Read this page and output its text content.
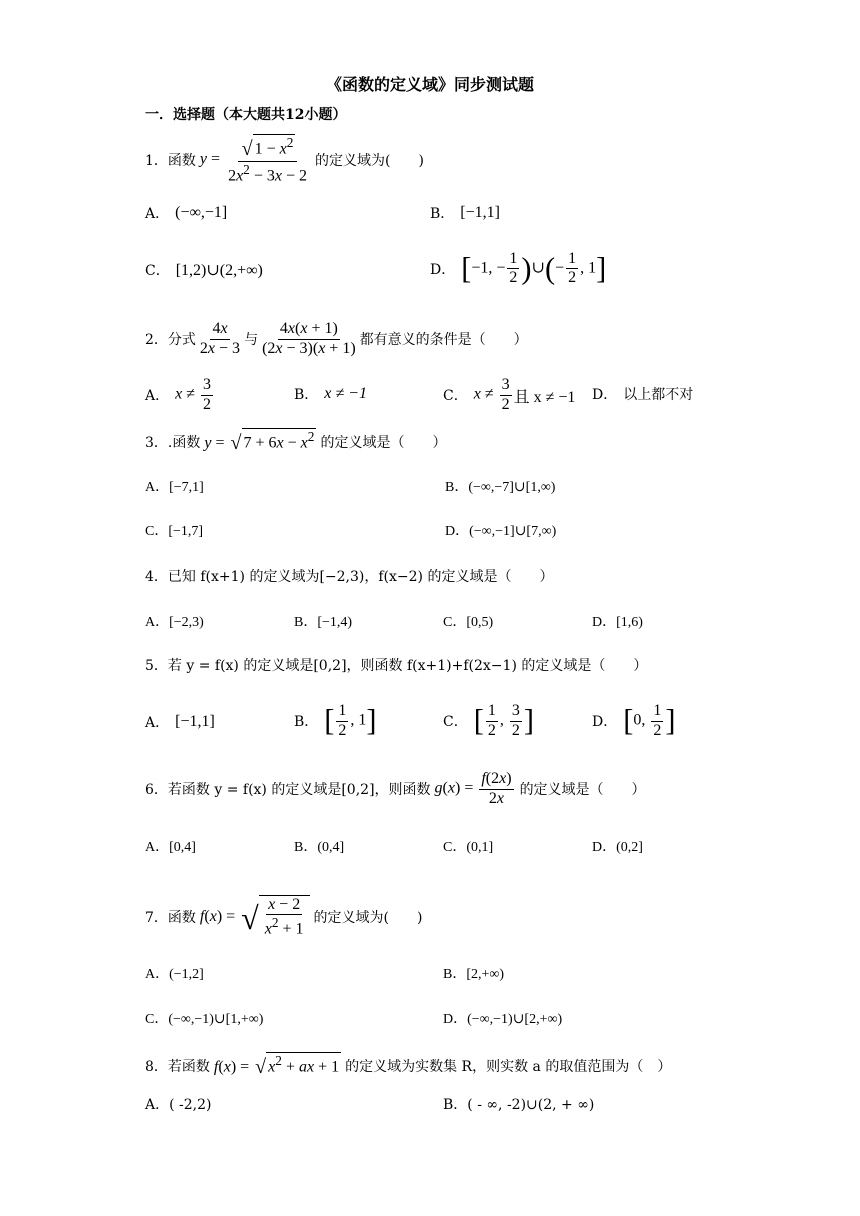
《函数的定义域》同步测试题
一．选择题（本大题共12小题）
1． 函数 $y = \frac{√ 1 - x^2}{2x^2 - 3x - 2}$ 的定义域为(　　)
A． (−∞,−1]	B． [−1,1]
C． [1,2)∪(2,+∞)	D． [−1, − $\frac{1}{2}$ )∪(− $\frac{1}{2}$ , 1]
2． 分式 $\frac{4x}{2x - 3}$ 与 $\frac{4x(x + 1)}{(2x - 3)(x + 1)}$ 都有意义的条件是（　　）
A． $x \ne \frac{3}{2}$	B． x ≠ −1	C． $x \ne \frac{3}{2}$ 且 x ≠ −1 D． 以上都不对
3． .函数 y = √ $7 + 6x - x^2$ 的定义域是（　　）
A．[−7,1]	B．(−∞,−7]∪[1,∞)
C．[−1,7]	D．(−∞,−1]∪[7,∞)
4．已知 f(x+1) 的定义域为[−2,3)，f(x−2) 的定义域是（　　）
A．[−2,3)	B．[−1,4)	C．[0,5)	D．[1,6)
5．若 y = f(x) 的定义域是[0,2]，则函数 f(x+1)+f(2x−1) 的定义域是（　　）
A． [−1,1]	B． [ $\frac{1}{2}$ , 1]	C． [ $\frac{1}{2}$ , $\frac{3}{2}$ ]	D． [0, $\frac{1}{2}$ ]
6．若函数 y = f(x) 的定义域是[0,2]，则函数 $g(x) = \frac{f(2x)}{2x}$ 的定义域是（　　）
A．[0,4]	B．(0,4]	C．(0,1]	D．(0,2]
7．函数 f(x) = √ $\frac{x - 2}{x^2 + 1}$ 的定义域为(　　)
A．(−1,2]	B．[2,+∞)
C．(−∞,−1)∪[1,+∞)	D．(−∞,−1)∪[2,+∞)
8．若函数 f(x) = √ $x^2$ + ax + 1 的定义域为实数集 R，则实数 a 的取值范围为（　）
A．( -2,2)	B．( - ∞, -2)∪(2, + ∞)
